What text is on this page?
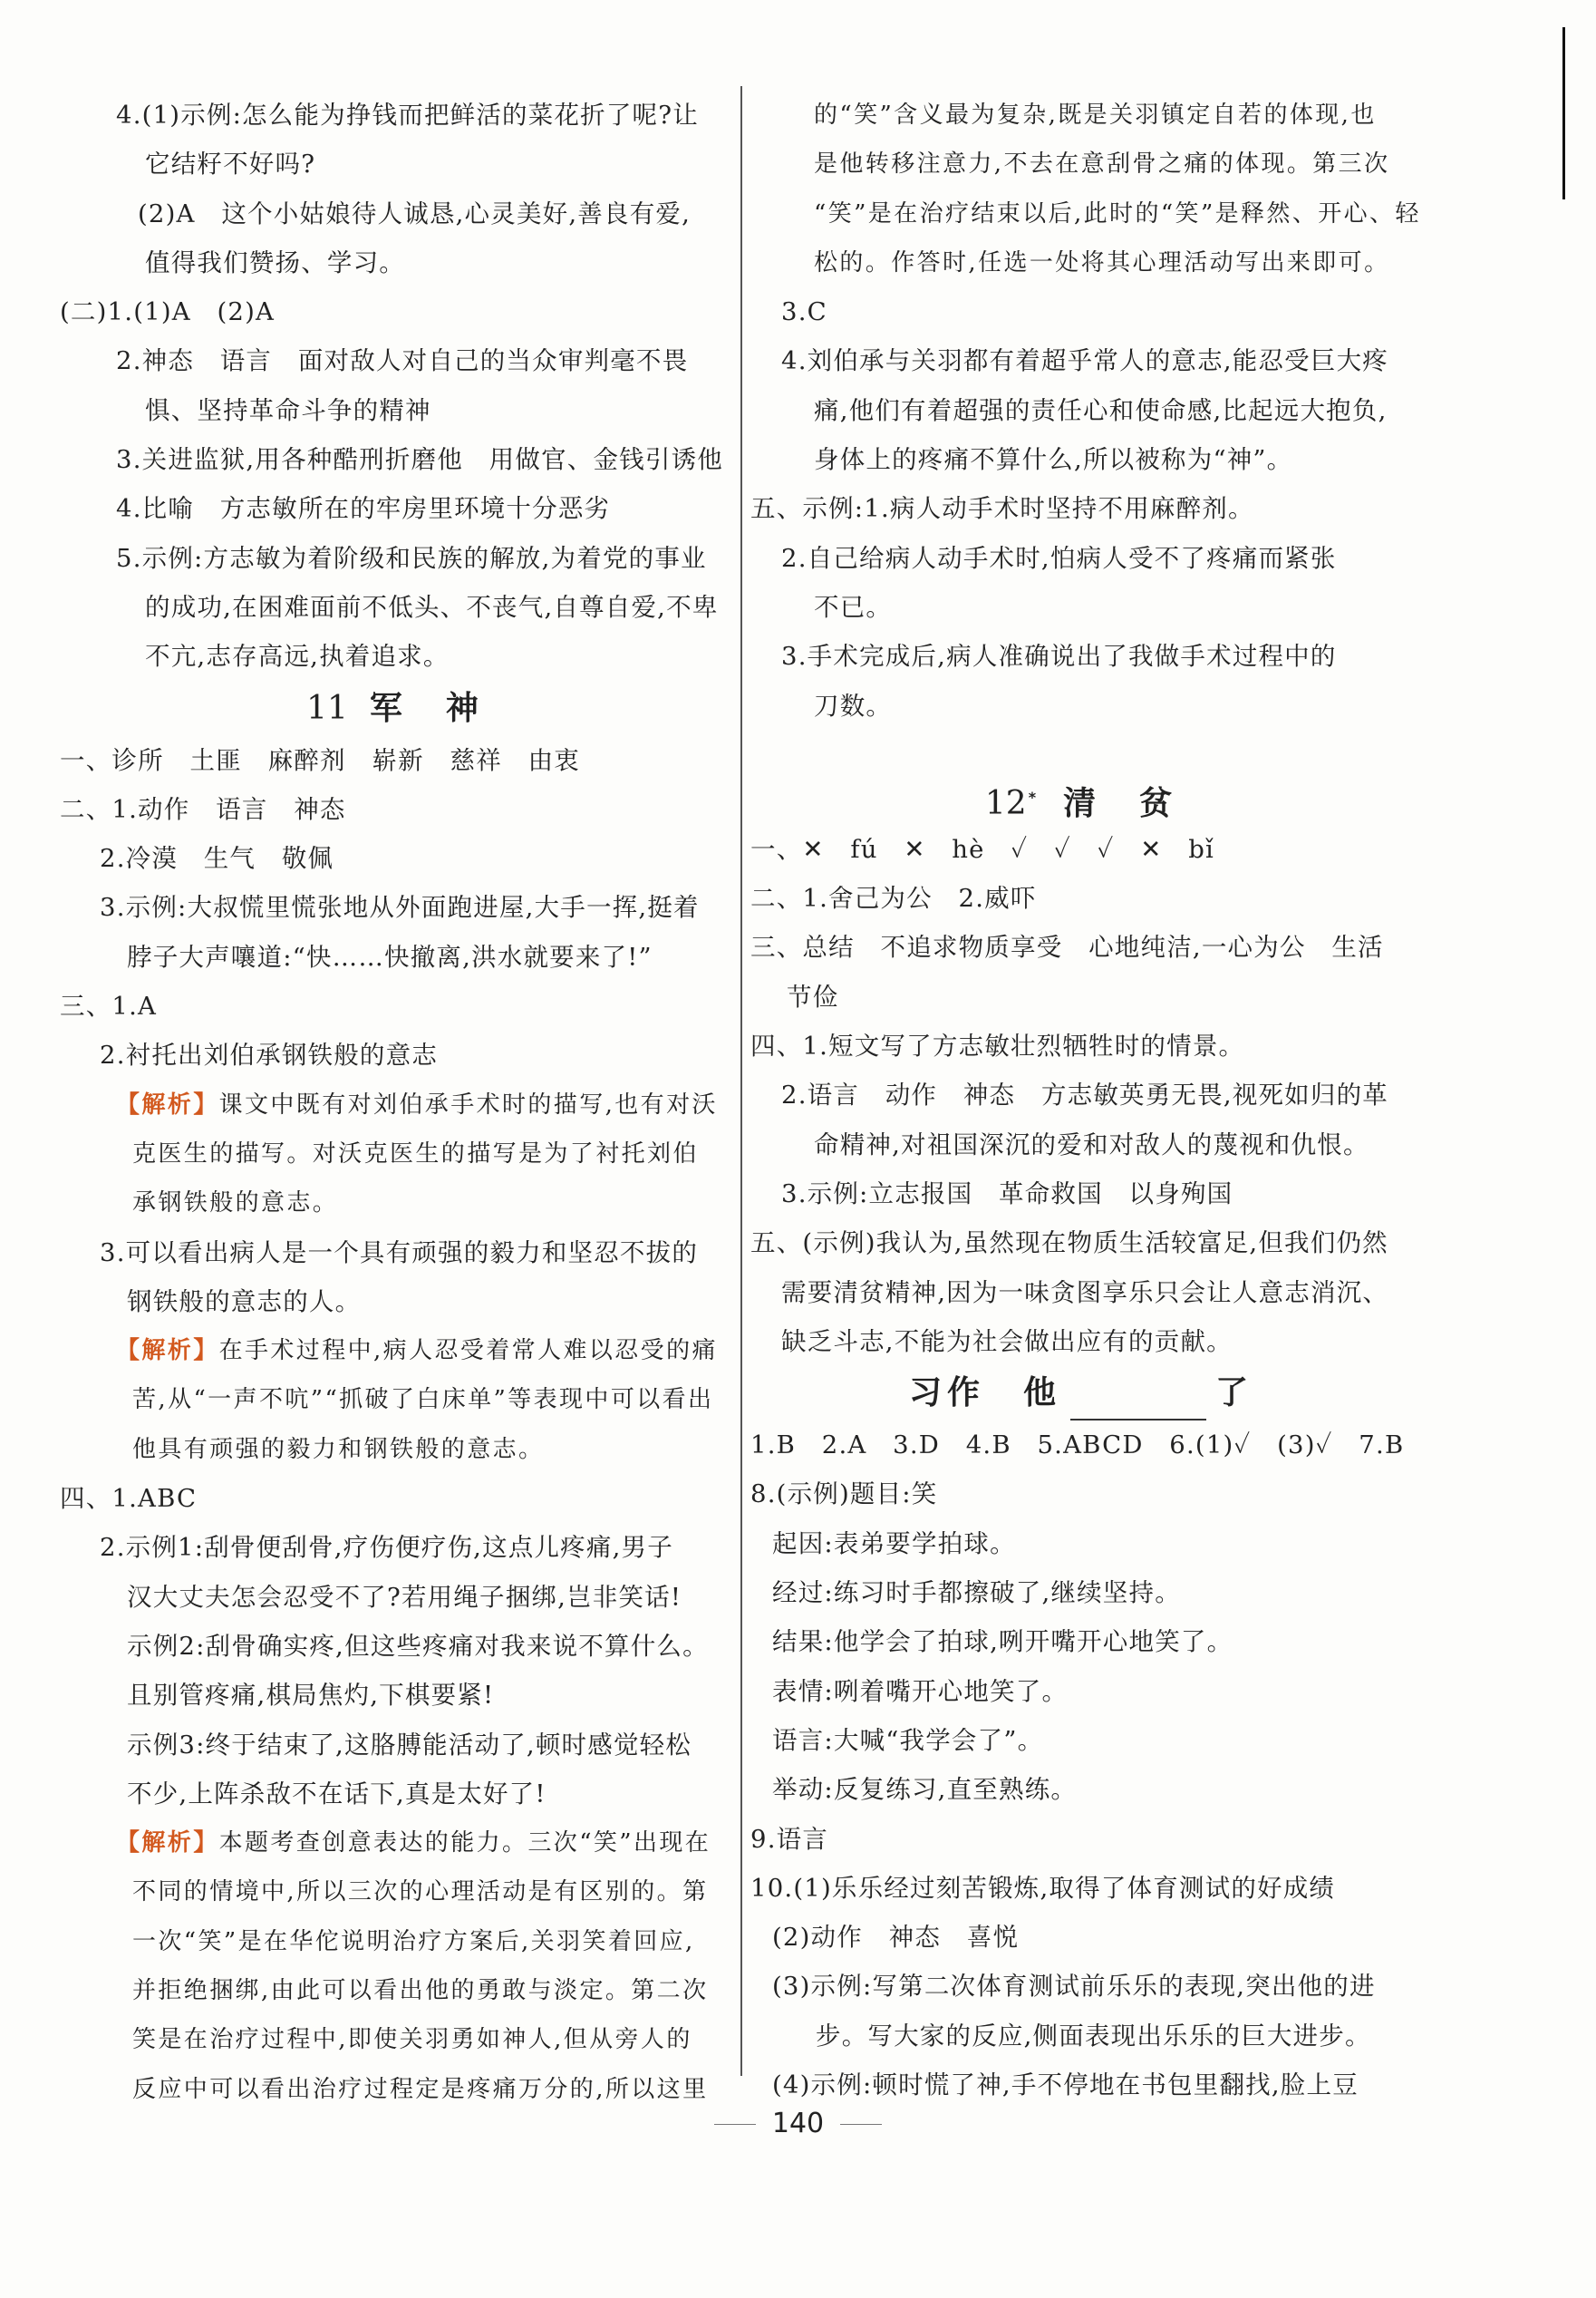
4.(1)示例:怎么能为挣钱而把鲜活的菜花折了呢?让
它结籽不好吗?
(2)A　这个小姑娘待人诚恳,心灵美好,善良有爱,
值得我们赞扬、学习。
(二)1.(1)A　(2)A
2.神态　语言　面对敌人对自己的当众审判毫不畏
惧、坚持革命斗争的精神
3.关进监狱,用各种酷刑折磨他　用做官、金钱引诱他
4.比喻　方志敏所在的牢房里环境十分恶劣
5.示例:方志敏为着阶级和民族的解放,为着党的事业
的成功,在困难面前不低头、不丧气,自尊自爱,不卑
不亢,志存高远,执着追求。
11 军　神
一、诊所　土匪　麻醉剂　崭新　慈祥　由衷
二、1.动作　语言　神态
2.冷漠　生气　敬佩
3.示例:大叔慌里慌张地从外面跑进屋,大手一挥,挺着
脖子大声嚷道:“快……快撤离,洪水就要来了!”
三、1.A
2.衬托出刘伯承钢铁般的意志
【解析】课文中既有对刘伯承手术时的描写,也有对沃
克医生的描写。对沃克医生的描写是为了衬托刘伯
承钢铁般的意志。
3.可以看出病人是一个具有顽强的毅力和坚忍不拔的
钢铁般的意志的人。
【解析】在手术过程中,病人忍受着常人难以忍受的痛
苦,从“一声不吭”“抓破了白床单”等表现中可以看出
他具有顽强的毅力和钢铁般的意志。
四、1.ABC
2.示例1:刮骨便刮骨,疗伤便疗伤,这点儿疼痛,男子
汉大丈夫怎会忍受不了?若用绳子捆绑,岂非笑话!
示例2:刮骨确实疼,但这些疼痛对我来说不算什么。
且别管疼痛,棋局焦灼,下棋要紧!
示例3:终于结束了,这胳膊能活动了,顿时感觉轻松
不少,上阵杀敌不在话下,真是太好了!
【解析】本题考查创意表达的能力。三次“笑”出现在
不同的情境中,所以三次的心理活动是有区别的。第
一次“笑”是在华佗说明治疗方案后,关羽笑着回应,
并拒绝捆绑,由此可以看出他的勇敢与淡定。第二次
笑是在治疗过程中,即使关羽勇如神人,但从旁人的
反应中可以看出治疗过程定是疼痛万分的,所以这里
的“笑”含义最为复杂,既是关羽镇定自若的体现,也
是他转移注意力,不去在意刮骨之痛的体现。第三次
“笑”是在治疗结束以后,此时的“笑”是释然、开心、轻
松的。作答时,任选一处将其心理活动写出来即可。
3.C
4.刘伯承与关羽都有着超乎常人的意志,能忍受巨大疼
痛,他们有着超强的责任心和使命感,比起远大抱负,
身体上的疼痛不算什么,所以被称为“神”。
五、示例:1.病人动手术时坚持不用麻醉剂。
2.自己给病人动手术时,怕病人受不了疼痛而紧张
不已。
3.手术完成后,病人准确说出了我做手术过程中的
刀数。
12 * 清　贫
一、✕　fú　✕　hè　✓　✓　✓　✕　bǐ
二、1.舍己为公　2.威吓
三、总结　不追求物质享受　心地纯洁,一心为公　生活
节俭
四、1.短文写了方志敏壮烈牺牲时的情景。
2.语言　动作　神态　方志敏英勇无畏,视死如归的革
命精神,对祖国深沉的爱和对敌人的蔑视和仇恨。
3.示例:立志报国　革命救国　以身殉国
五、(示例)我认为,虽然现在物质生活较富足,但我们仍然
需要清贫精神,因为一味贪图享乐只会让人意志消沉、
缺乏斗志,不能为社会做出应有的贡献。
习作　他	了
1.B　2.A　3.D　4.B　5.ABCD　6.(1)✓　(3)✓　7.B
8.(示例)题目:笑
起因:表弟要学拍球。
经过:练习时手都擦破了,继续坚持。
结果:他学会了拍球,咧开嘴开心地笑了。
表情:咧着嘴开心地笑了。
语言:大喊“我学会了”。
举动:反复练习,直至熟练。
9.语言
10.(1)乐乐经过刻苦锻炼,取得了体育测试的好成绩
(2)动作　神态　喜悦
(3)示例:写第二次体育测试前乐乐的表现,突出他的进
步。写大家的反应,侧面表现出乐乐的巨大进步。
(4)示例:顿时慌了神,手不停地在书包里翻找,脸上豆
140
